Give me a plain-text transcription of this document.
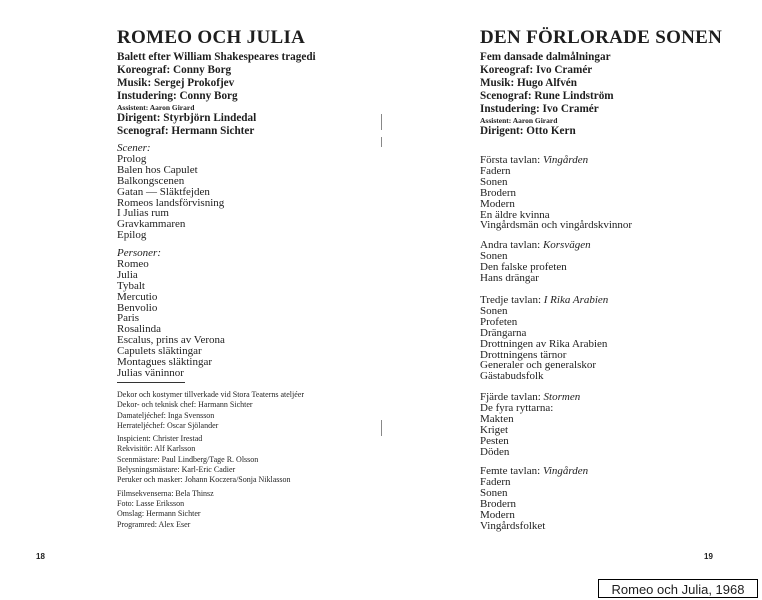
ROMEO OCH JULIA
Balett efter William Shakespeares tragedi
Koreograf: Conny Borg
Musik: Sergej Prokofjev
Instudering: Conny Borg
Assistent: Aaron Girard
Dirigent: Styrbjörn Lindedal
Scenograf: Hermann Sichter
Scener:
Prolog
Balen hos Capulet
Balkongscenen
Gatan — Släktfejden
Romeos landsförvisning
I Julias rum
Gravkammaren
Epilog
Personer:
Romeo
Julia
Tybalt
Mercutio
Benvolio
Paris
Rosalinda
Escalus, prins av Verona
Capulets släktingar
Montagues släktingar
Julias väninnor
Dekor och kostymer tillverkade vid Stora Teaterns ateljéer
Dekor- och teknisk chef: Harmann Sichter
Damateljéchef: Inga Svensson
Herrateljéchef: Oscar Sjölander
Inspicient: Christer Irestad
Rekvisitör: Alf Karlsson
Scenmästare: Paul Lindberg/Tage R. Olsson
Belysningsmästare: Karl-Eric Cadier
Peruker och masker: Johann Koczera/Sonja Niklasson
Filmsekvenserna: Bela Thinsz
Foto: Lasse Eriksson
Omslag: Hermann Sichter
Programred: Alex Eser
18
DEN FÖRLORADE SONEN
Fem dansade dalmålningar
Koreograf: Ivo Cramér
Musik: Hugo Alfvén
Scenograf: Rune Lindström
Instudering: Ivo Cramér
Assistent: Aaron Girard
Dirigent: Otto Kern
Första tavlan: Vingården
Fadern
Sonen
Brodern
Modern
En äldre kvinna
Vingårdsmän och vingårdskvinnor
Andra tavlan: Korsvägen
Sonen
Den falske profeten
Hans drängar
Tredje tavlan: I Rika Arabien
Sonen
Profeten
Drängarna
Drottningen av Rika Arabien
Drottningens tärnor
Generaler och generalskor
Gästabudsfolk
Fjärde tavlan: Stormen
De fyra ryttarna:
Makten
Kriget
Pesten
Döden
Femte tavlan: Vingården
Fadern
Sonen
Brodern
Modern
Vingårdsfolket
19
Romeo och Julia, 1968
